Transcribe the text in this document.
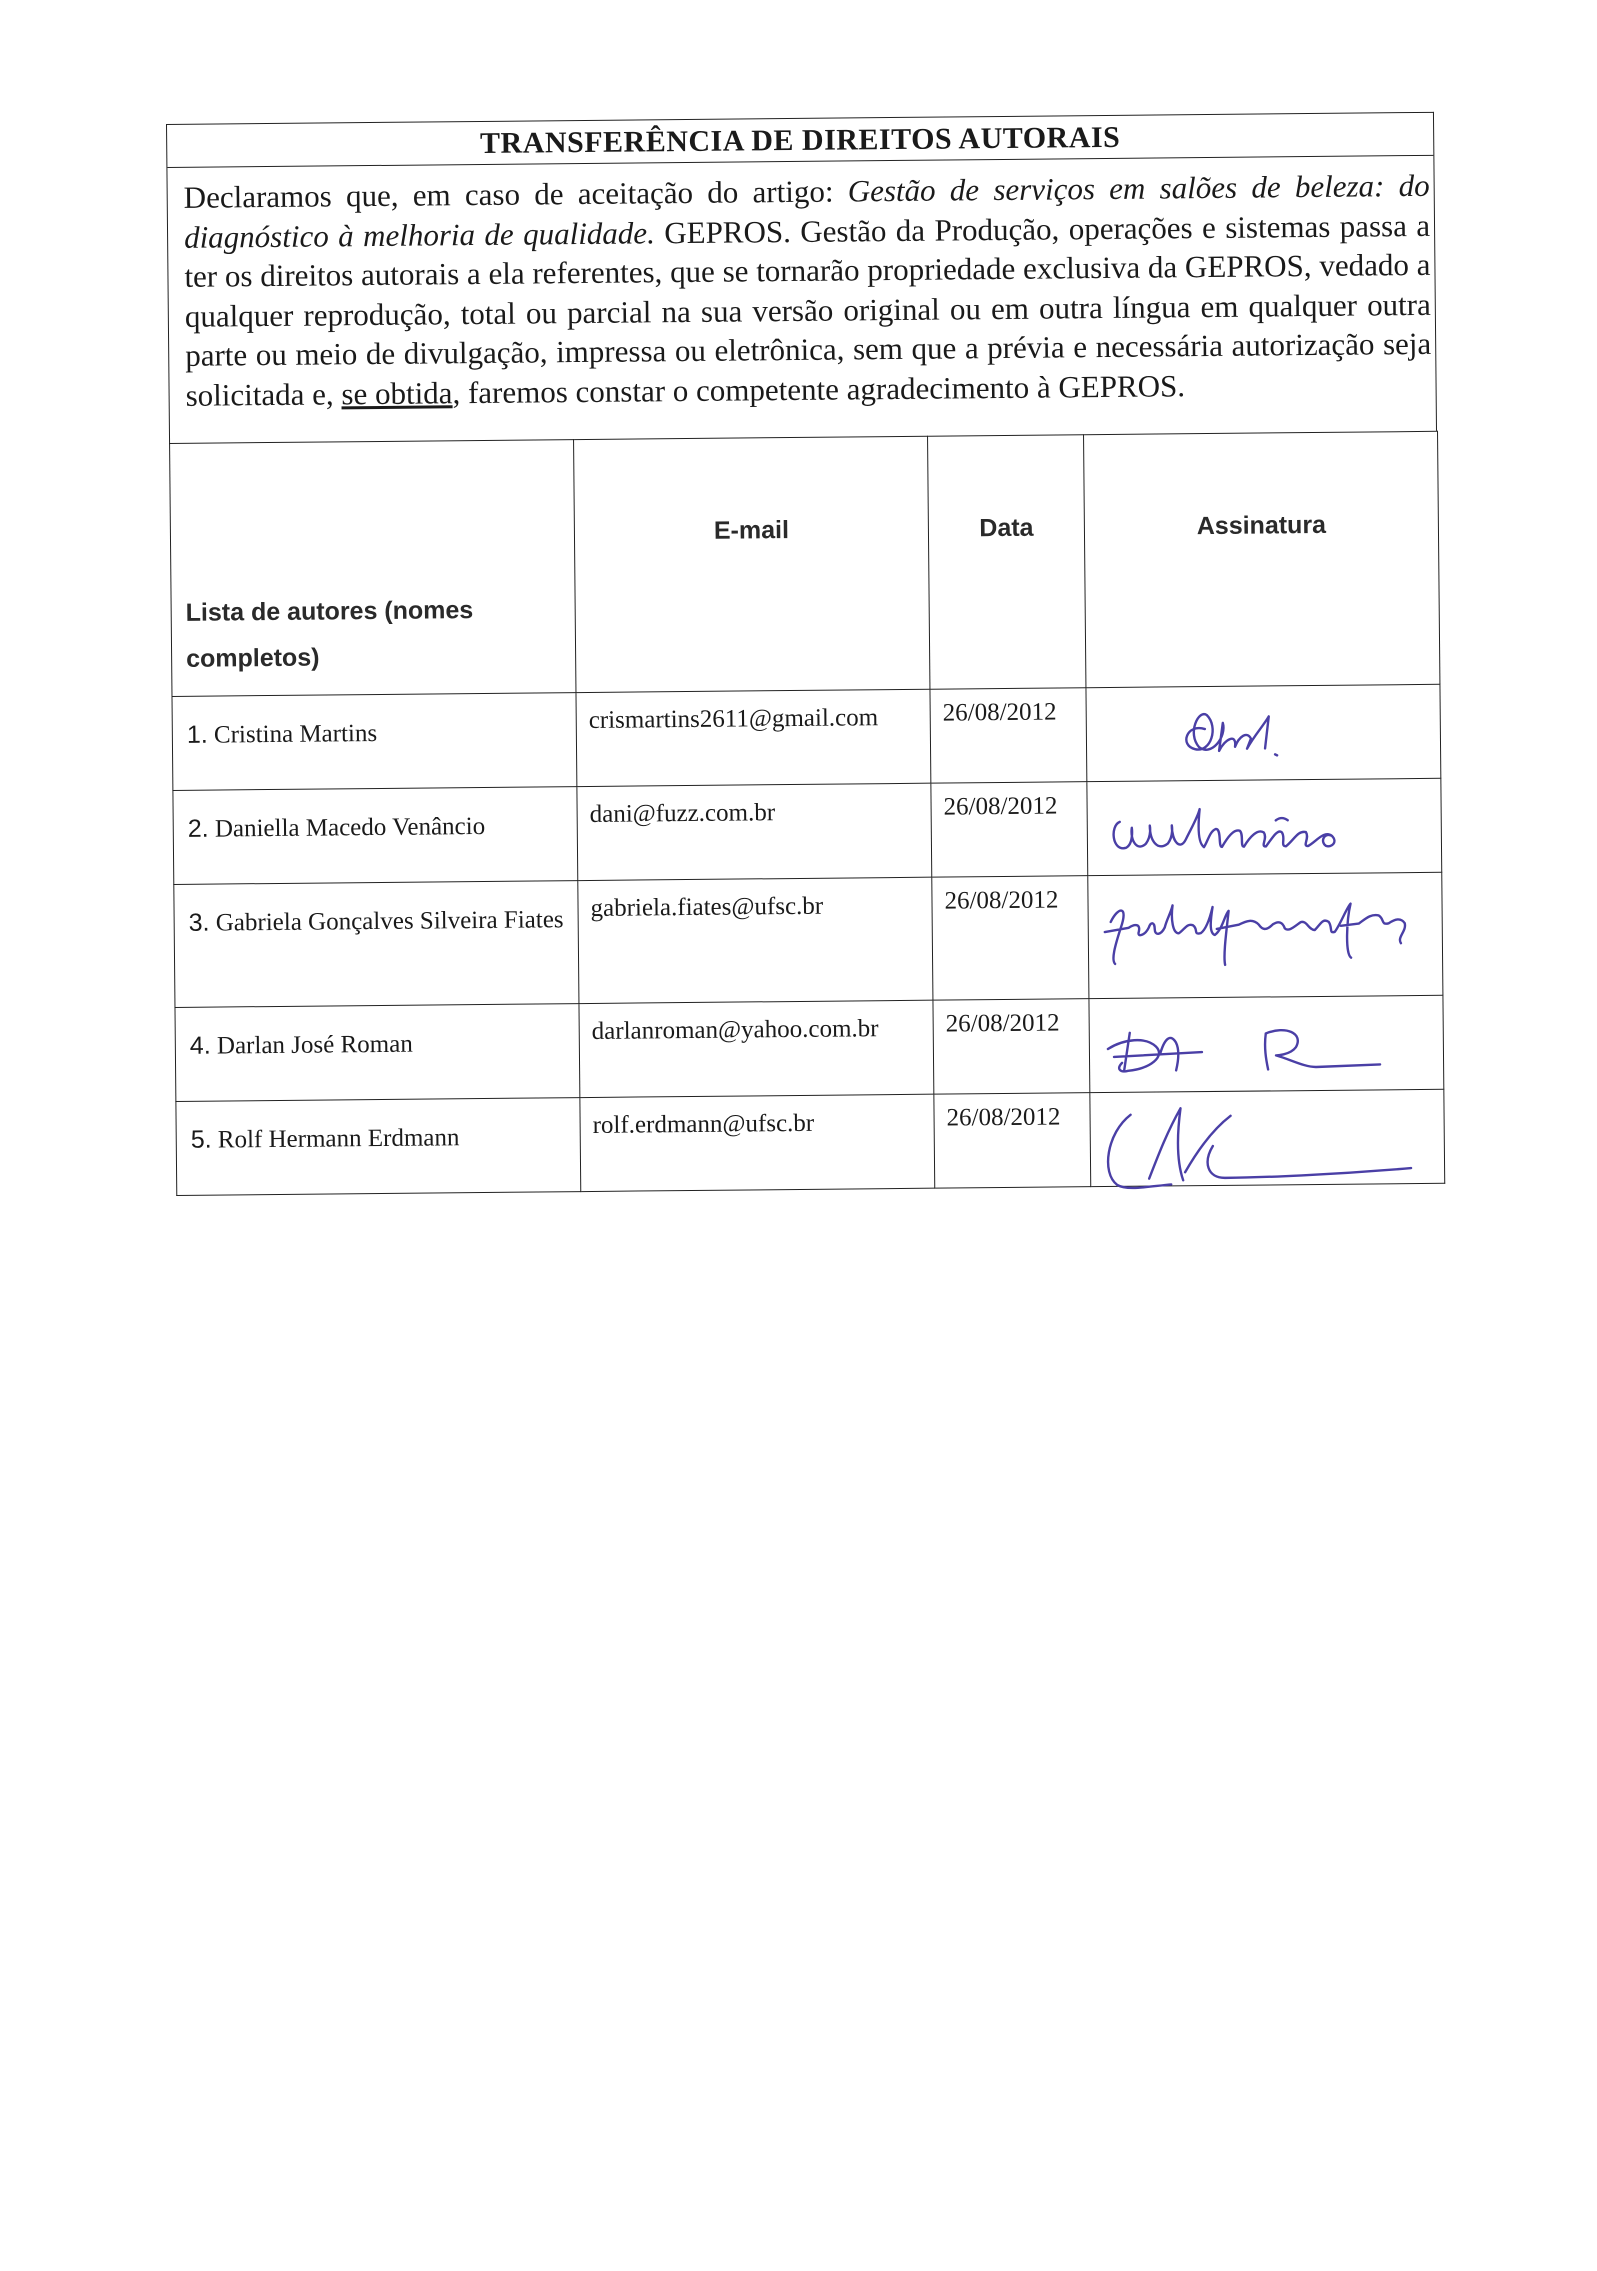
TRANSFERÊNCIA DE DIREITOS AUTORAIS
Declaramos que, em caso de aceitação do artigo: Gestão de serviços em salões de beleza: do diagnóstico à melhoria de qualidade. GEPROS. Gestão da Produção, operações e sistemas passa a ter os direitos autorais a ela referentes, que se tornarão propriedade exclusiva da GEPROS, vedado a qualquer reprodução, total ou parcial na sua versão original ou em outra língua em qualquer outra parte ou meio de divulgação, impressa ou eletrônica, sem que a prévia e necessária autorização seja solicitada e, se obtida, faremos constar o competente agradecimento à GEPROS.
Lista de autores (nomes completos)	E-mail	Data	Assinatura
1. Cristina Martins	crismartins2611@gmail.com	26/08/2012	

2. Daniella Macedo Venâncio	dani@fuzz.com.br	26/08/2012	

3. Gabriela Gonçalves Silveira Fiates	gabriela.fiates@ufsc.br	26/08/2012	

4. Darlan José Roman	darlanroman@yahoo.com.br	26/08/2012	

5. Rolf Hermann Erdmann	rolf.erdmann@ufsc.br	26/08/2012	
